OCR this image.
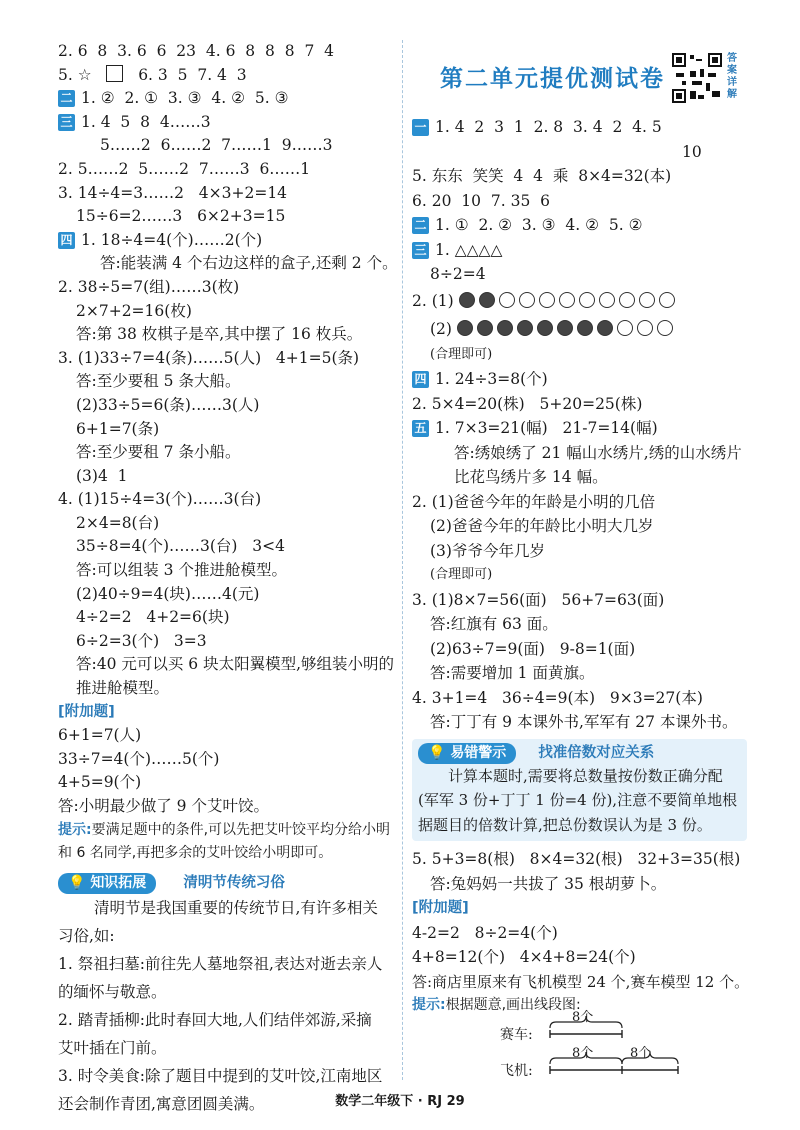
2. 6  8  3. 6  6  23  4. 6  8  8  8  7  4
5. ☆	6. 3  5  7. 4  3
二 1. ②  2. ①  3. ③  4. ②  5. ③
三 1. 4  5  8  4……3
5……2  6……2  7……1  9……3
2. 5……2  5……2  7……3  6……1
3. 14÷4=3……2   4×3+2=14
15÷6=2……3   6×2+3=15
四 1. 18÷4=4(个)……2(个)
答:能装满 4 个右边这样的盒子,还剩 2 个。
2. 38÷5=7(组)……3(枚)
2×7+2=16(枚)
答:第 38 枚棋子是卒,其中摆了 16 枚兵。
3. (1)33÷7=4(条)……5(人)   4+1=5(条)
答:至少要租 5 条大船。
(2)33÷5=6(条)……3(人)
6+1=7(条)
答:至少要租 7 条小船。
(3)4  1
4. (1)15÷4=3(个)……3(台)
2×4=8(台)
35÷8=4(个)……3(台)   3<4
答:可以组装 3 个推进舱模型。
(2)40÷9=4(块)……4(元)
4÷2=2   4+2=6(块)
6÷2=3(个)   3=3
答:40 元可以买 6 块太阳翼模型,够组装小明的
推进舱模型。
[附加题]
6+1=7(人)
33÷7=4(个)……5(个)
4+5=9(个)
答:小明最少做了 9 个艾叶饺。
提示:要满足题中的条件,可以先把艾叶饺平均分给小明和 6 名同学,再把多余的艾叶饺给小明即可。
💡 知识拓展	清明节传统习俗
清明节是我国重要的传统节日,有许多相关
习俗,如:
1. 祭祖扫墓:前往先人墓地祭祖,表达对逝去亲人
的缅怀与敬意。
2. 踏青插柳:此时春回大地,人们结伴郊游,采摘
艾叶插在门前。
3. 时令美食:除了题目中提到的艾叶饺,江南地区
还会制作青团,寓意团圆美满。
第二单元提优测试卷
答案详解
一 1. 4  2  3  1  2. 8  3. 4  2  4. 5
10
5. 东东  笑笑  4  4  乘  8×4=32(本)
6. 20  10  7. 35  6
二 1. ①  2. ②  3. ③  4. ②  5. ②
三 1. △△△△
8÷2=4
2. (1)
(2)
(合理即可)
四 1. 24÷3=8(个)
2. 5×4=20(株)   5+20=25(株)
五 1. 7×3=21(幅)   21-7=14(幅)
答:绣娘绣了 21 幅山水绣片,绣的山水绣片
比花鸟绣片多 14 幅。
2. (1)爸爸今年的年龄是小明的几倍
(2)爸爸今年的年龄比小明大几岁
(3)爷爷今年几岁
(合理即可)
3. (1)8×7=56(面)   56+7=63(面)
答:红旗有 63 面。
(2)63÷7=9(面)   9-8=1(面)
答:需要增加 1 面黄旗。
4. 3+1=4   36÷4=9(本)   9×3=27(本)
答:丁丁有 9 本课外书,军军有 27 本课外书。
💡 易错警示 找准倍数对应关系
计算本题时,需要将总数量按份数正确分配(军军 3 份+丁丁 1 份=4 份),注意不要简单地根据题目的倍数计算,把总份数误认为是 3 份。
5. 5+3=8(根)   8×4=32(根)   32+3=35(根)
答:兔妈妈一共拔了 35 根胡萝卜。
[附加题]
4-2=2   8÷2=4(个)
4+8=12(个)   4×4+8=24(个)
答:商店里原来有飞机模型 24 个,赛车模型 12 个。
提示:根据题意,画出线段图:
赛车:
飞机:
8个
8个	8个
数学二年级下 · RJ 29
